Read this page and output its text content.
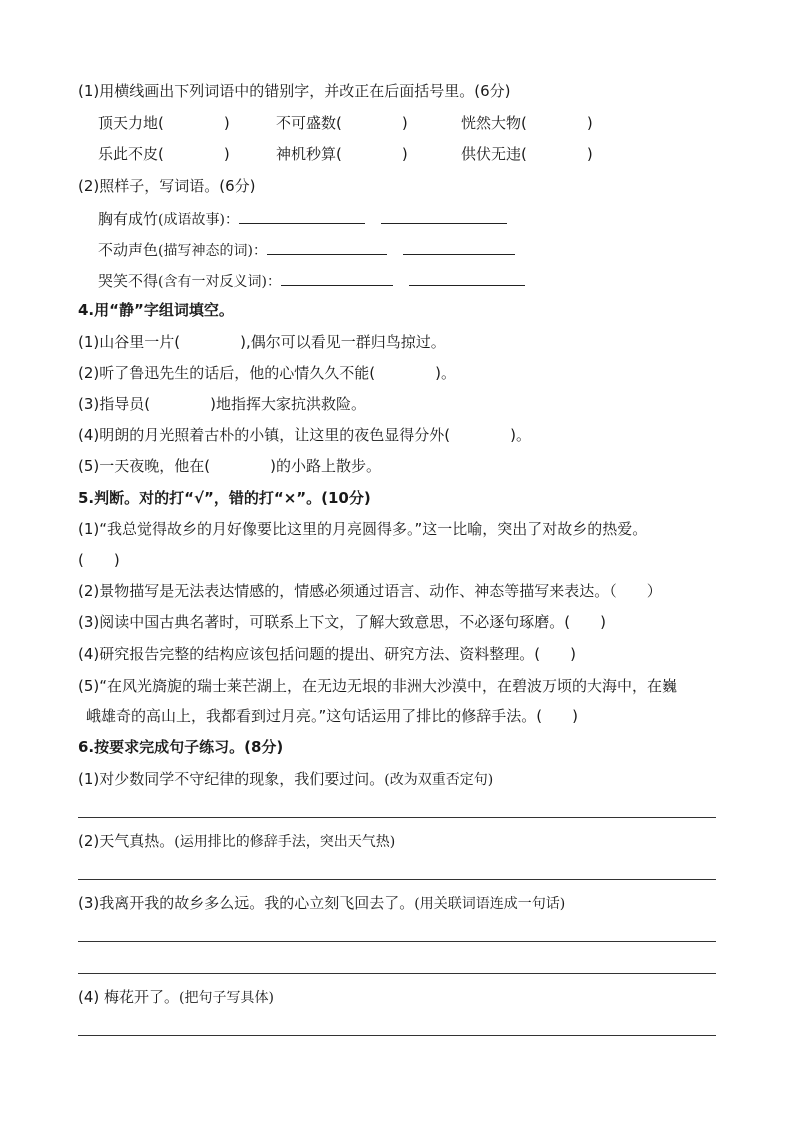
(1)用横线画出下列词语中的错别字，并改正在后面括号里。(6分)
顶天力地(　　　　)	不可盛数(　　　　)	恍然大物(　　　　)
乐此不皮(　　　　)	神机秒算(　　　　)	供伏无违(　　　　)
(2)照样子，写词语。(6分)
胸有成竹(成语故事)：
不动声色(描写神态的词)：
哭笑不得(含有一对反义词)：
4.用“静”字组词填空。
(1)山谷里一片(　　　　),偶尔可以看见一群归鸟掠过。
(2)听了鲁迅先生的话后，他的心情久久不能(　　　　)。
(3)指导员(　　　　)地指挥大家抗洪救险。
(4)明朗的月光照着古朴的小镇，让这里的夜色显得分外(　　　　)。
(5)一天夜晚，他在(　　　　)的小路上散步。
5.判断。对的打“√”，错的打“×”。(10分)
(1)“我总觉得故乡的月好像要比这里的月亮圆得多。”这一比喻，突出了对故乡的热爱。
(　　)
(2)景物描写是无法表达情感的，情感必须通过语言、动作、神态等描写来表达。（　　）
(3)阅读中国古典名著时，可联系上下文，了解大致意思，不必逐句琢磨。(　　)
(4)研究报告完整的结构应该包括问题的提出、研究方法、资料整理。(　　)
(5)“在风光旖旎的瑞士莱芒湖上，在无边无垠的非洲大沙漠中，在碧波万顷的大海中，在巍
峨雄奇的高山上，我都看到过月亮。”这句话运用了排比的修辞手法。(　　)
6.按要求完成句子练习。(8分)
(1)对少数同学不守纪律的现象，我们要过问。(改为双重否定句)
(2)天气真热。(运用排比的修辞手法，突出天气热)
(3)我离开我的故乡多么远。我的心立刻飞回去了。(用关联词语连成一句话)
(4) 梅花开了。(把句子写具体)
